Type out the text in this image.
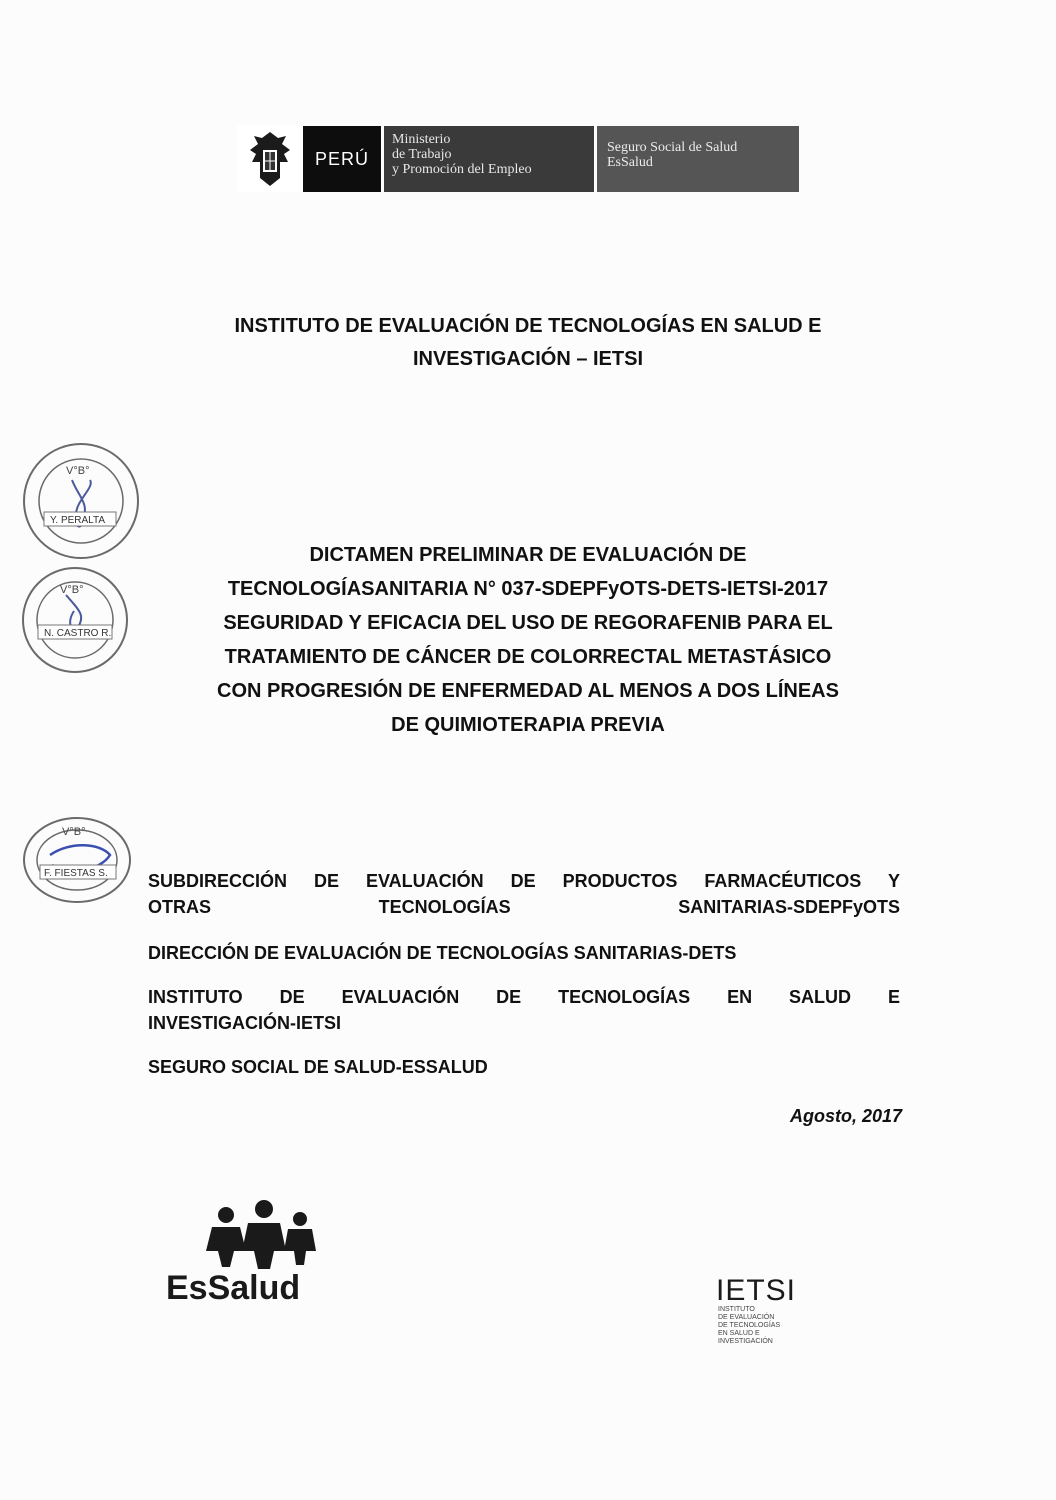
PERÚ
Ministerio
de Trabajo
y Promoción del Empleo
Seguro Social de Salud
EsSalud
INSTITUTO DE EVALUACIÓN DE TECNOLOGÍAS EN SALUD E
INVESTIGACIÓN – IETSI
DICTAMEN PRELIMINAR DE EVALUACIÓN DE
TECNOLOGÍASANITARIA N° 037-SDEPFyOTS-DETS-IETSI-2017
SEGURIDAD Y EFICACIA DEL USO DE REGORAFENIB PARA EL
TRATAMIENTO DE CÁNCER DE COLORRECTAL METASTÁSICO
CON PROGRESIÓN DE ENFERMEDAD AL MENOS A DOS LÍNEAS
DE QUIMIOTERAPIA PREVIA
SUBDIRECCIÓN DE EVALUACIÓN DE PRODUCTOS FARMACÉUTICOS Y
OTRAS TECNOLOGÍAS SANITARIAS-SDEPFyOTS
DIRECCIÓN DE EVALUACIÓN DE TECNOLOGÍAS SANITARIAS-DETS
INSTITUTO DE EVALUACIÓN DE TECNOLOGÍAS EN SALUD E
INVESTIGACIÓN-IETSI
SEGURO SOCIAL DE SALUD-ESSALUD
Agosto, 2017
V°B°
Y. PERALTA
V°B°
N. CASTRO R.
V°B°
F. FIESTAS S.
EsSalud	IETSI
INSTITUTO
DE EVALUACIÓN
DE TECNOLOGÍAS
EN SALUD E
INVESTIGACIÓN
